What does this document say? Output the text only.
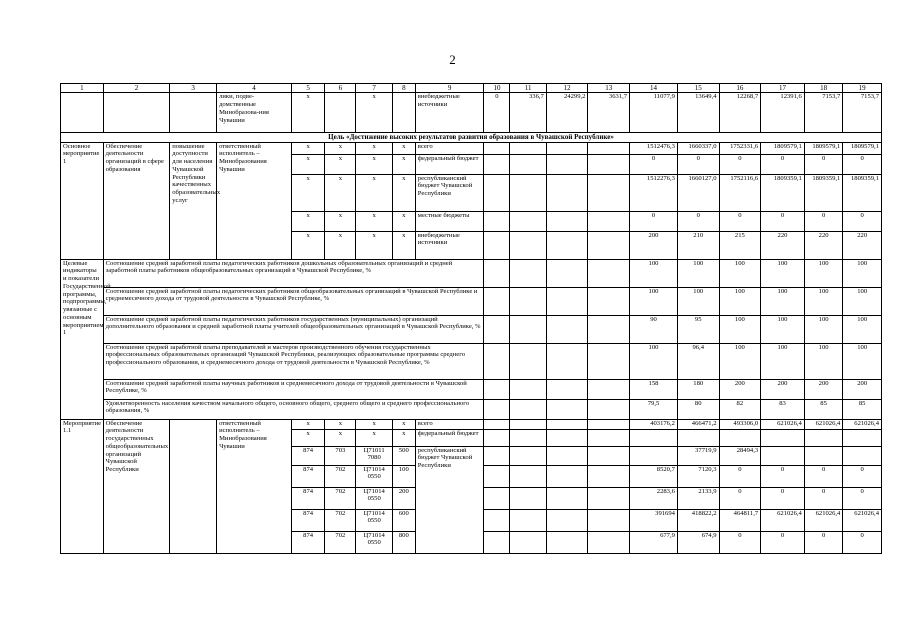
2
1	2	3	4	5	6	7	8	9	10	11	12	13	14	15	16	17	18	19
			лики, подве-домственные Минобразова-ния Чувашии	х		х		внебюджетные источники	0	336,7	24299,2	3631,7	11077,9	13649,4	12268,7	12391,6	7153,7	7153,7
Цель «Достижение высоких результатов развития образования в Чувашской Республике»																		
Основное мероприятие 1	Обеспечение деятельности организаций в сфере образования	повышение доступности для населения Чувашской Республики качественных образовательных услуг	ответственный исполнитель – Минобразования Чувашии	х	х	х	х	всего					1512476,3	1660337,0	1752331,6	1809579,1	1809579,1	1809579,1
				х	х	х	х	федеральный бюджет					0	0	0	0	0	0
				х	х	х	х	республиканский бюджет Чувашской Республики					1512276,3	1660127,0	1752116,6	1809359,1	1809359,1	1809359,1
				х	х	х	х	местные бюджеты					0	0	0	0	0	0
				х	х	х	х	внебюджетные источники					200	210	215	220	220	220
Целевые индикаторы и показатели Государственной программы, подпрограммы, увязанные с основным мероприятием 1	Соотношение средней заработной платы педагогических работников дошкольных образовательных организаций и средней заработной платы работников общеобразовательных организаций в Чувашской Республике, %												100	100	100	100	100	100
	Соотношение средней заработной платы педагогических работников общеобразовательных организаций в Чувашской Республике и среднемесячного дохода от трудовой деятельности в Чувашской Республике, %												100	100	100	100	100	100
	Соотношение средней заработной платы педагогических работников государственных (муниципальных) организаций дополнительного образования и средней заработной платы учителей общеобразовательных организаций в Чувашской Республике, %												90	95	100	100	100	100
	Соотношение средней заработной платы преподавателей и мастеров производственного обучения государственных профессиональных образовательных организаций Чувашской Республики, реализующих образовательные программы среднего профессионального образования, и среднемесячного дохода от трудовой деятельности в Чувашской Республике, %												100	96,4	100	100	100	100
	Соотношение средней заработной платы научных работников и среднемесячного дохода от трудовой деятельности в Чувашской Республике, %												158	180	200	200	200	200
	Удовлетворенность населения качеством начального общего, основного общего, среднего общего и среднего профессионального образования, %												79,5	80	82	83	85	85
Мероприятие 1.1	Обеспечение деятельности государственных общеобразовательных организаций Чувашской Республики		ответственный исполнитель – Минобразования Чувашии	х	х	х	х	всего					403176,2	466471,2	493306,0	621026,4	621026,4	621026,4
				х	х	х	х	федеральный бюджет										
				874	703	Ц71011 7080	500	республиканский бюджет Чувашской Республики						37719,9	28494,3			
				874	702	Ц71014 0550	100						8520,7	7120,3	0	0	0	0
				874	702	Ц71014 0550	200						2283,6	2133,9	0	0	0	0
				874	702	Ц71014 0550	600						391694	418822,2	464811,7	621026,4	621026,4	621026,4
				874	702	Ц71014 0550	800						677,9	674,9	0	0	0	0
